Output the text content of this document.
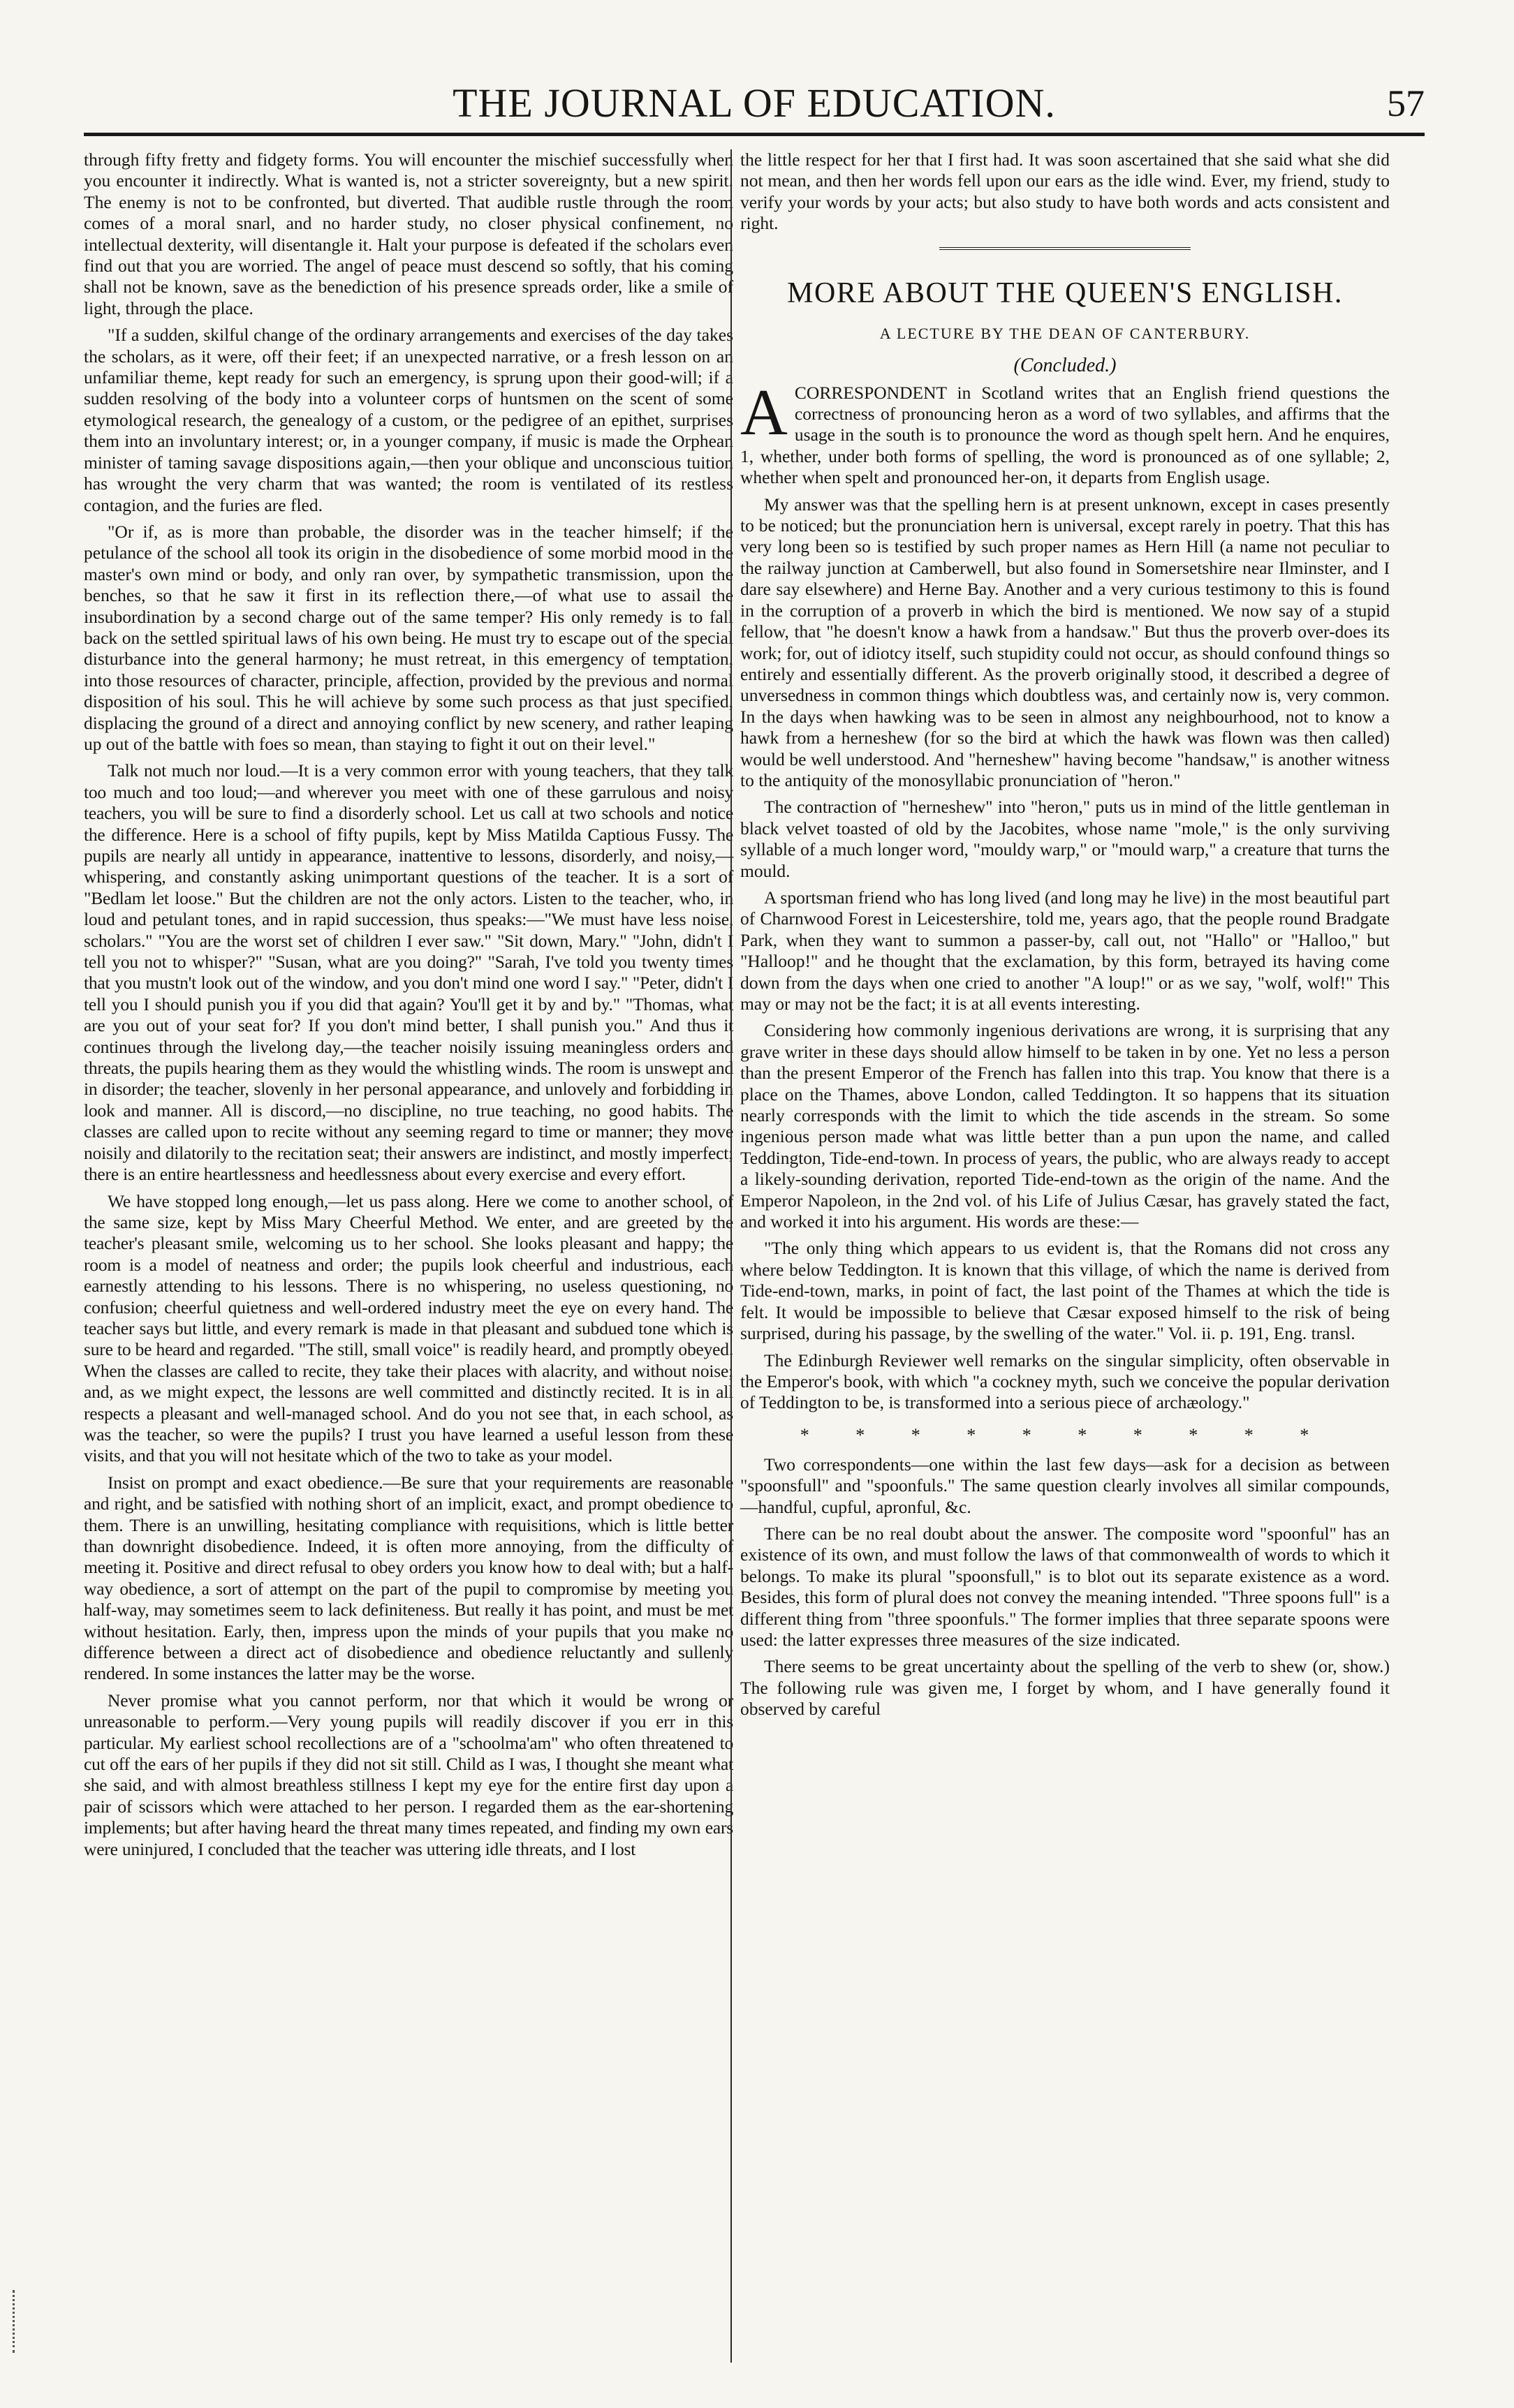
THE JOURNAL OF EDUCATION.	57

through fifty fretty and fidgety forms. You will encounter the mischief successfully when you encounter it indirectly. What is wanted is, not a stricter sovereignty, but a new spirit. The enemy is not to be confronted, but diverted. That audible rustle through the room comes of a moral snarl, and no harder study, no closer physical confinement, no intellectual dexterity, will disentangle it. Halt your purpose is defeated if the scholars even find out that you are worried. The angel of peace must descend so softly, that his coming shall not be known, save as the benediction of his presence spreads order, like a smile of light, through the place.

"If a sudden, skilful change of the ordinary arrangements and exercises of the day takes the scholars, as it were, off their feet; if an unexpected narrative, or a fresh lesson on an unfamiliar theme, kept ready for such an emergency, is sprung upon their good-will; if a sudden resolving of the body into a volunteer corps of huntsmen on the scent of some etymological research, the genealogy of a custom, or the pedigree of an epithet, surprises them into an involuntary interest; or, in a younger company, if music is made the Orphean minister of taming savage dispositions again,—then your oblique and unconscious tuition has wrought the very charm that was wanted; the room is ventilated of its restless contagion, and the furies are fled.

"Or if, as is more than probable, the disorder was in the teacher himself; if the petulance of the school all took its origin in the disobedience of some morbid mood in the master's own mind or body, and only ran over, by sympathetic transmission, upon the benches, so that he saw it first in its reflection there,—of what use to assail the insubordination by a second charge out of the same temper? His only remedy is to fall back on the settled spiritual laws of his own being. He must try to escape out of the special disturbance into the general harmony; he must retreat, in this emergency of temptation, into those resources of character, principle, affection, provided by the previous and normal disposition of his soul. This he will achieve by some such process as that just specified, displacing the ground of a direct and annoying conflict by new scenery, and rather leaping up out of the battle with foes so mean, than staying to fight it out on their level."

Talk not much nor loud.—It is a very common error with young teachers, that they talk too much and too loud;—and wherever you meet with one of these garrulous and noisy teachers, you will be sure to find a disorderly school. Let us call at two schools and notice the difference. Here is a school of fifty pupils, kept by Miss Matilda Captious Fussy. The pupils are nearly all untidy in appearance, inattentive to lessons, disorderly, and noisy,—whispering, and constantly asking unimportant questions of the teacher. It is a sort of "Bedlam let loose." But the children are not the only actors. Listen to the teacher, who, in loud and petulant tones, and in rapid succession, thus speaks:—"We must have less noise, scholars." "You are the worst set of children I ever saw." "Sit down, Mary." "John, didn't I tell you not to whisper?" "Susan, what are you doing?" "Sarah, I've told you twenty times that you mustn't look out of the window, and you don't mind one word I say." "Peter, didn't I tell you I should punish you if you did that again? You'll get it by and by." "Thomas, what are you out of your seat for? If you don't mind better, I shall punish you." And thus it continues through the livelong day,—the teacher noisily issuing meaningless orders and threats, the pupils hearing them as they would the whistling winds. The room is unswept and in disorder; the teacher, slovenly in her personal appearance, and unlovely and forbidding in look and manner. All is discord,—no discipline, no true teaching, no good habits. The classes are called upon to recite without any seeming regard to time or manner; they move noisily and dilatorily to the recitation seat; their answers are indistinct, and mostly imperfect; there is an entire heartlessness and heedlessness about every exercise and every effort.

We have stopped long enough,—let us pass along. Here we come to another school, of the same size, kept by Miss Mary Cheerful Method. We enter, and are greeted by the teacher's pleasant smile, welcoming us to her school. She looks pleasant and happy; the room is a model of neatness and order; the pupils look cheerful and industrious, each earnestly attending to his lessons. There is no whispering, no useless questioning, no confusion; cheerful quietness and well-ordered industry meet the eye on every hand. The teacher says but little, and every remark is made in that pleasant and subdued tone which is sure to be heard and regarded. "The still, small voice" is readily heard, and promptly obeyed. When the classes are called to recite, they take their places with alacrity, and without noise; and, as we might expect, the lessons are well committed and distinctly recited. It is in all respects a pleasant and well-managed school. And do you not see that, in each school, as was the teacher, so were the pupils? I trust you have learned a useful lesson from these visits, and that you will not hesitate which of the two to take as your model.

Insist on prompt and exact obedience.—Be sure that your requirements are reasonable and right, and be satisfied with nothing short of an implicit, exact, and prompt obedience to them. There is an unwilling, hesitating compliance with requisitions, which is little better than downright disobedience. Indeed, it is often more annoying, from the difficulty of meeting it. Positive and direct refusal to obey orders you know how to deal with; but a half-way obedience, a sort of attempt on the part of the pupil to compromise by meeting you half-way, may sometimes seem to lack definiteness. But really it has point, and must be met without hesitation. Early, then, impress upon the minds of your pupils that you make no difference between a direct act of disobedience and obedience reluctantly and sullenly rendered. In some instances the latter may be the worse.

Never promise what you cannot perform, nor that which it would be wrong or unreasonable to perform.—Very young pupils will readily discover if you err in this particular. My earliest school recollections are of a "schoolma'am" who often threatened to cut off the ears of her pupils if they did not sit still. Child as I was, I thought she meant what she said, and with almost breathless stillness I kept my eye for the entire first day upon a pair of scissors which were attached to her person. I regarded them as the ear-shortening implements; but after having heard the threat many times repeated, and finding my own ears were uninjured, I concluded that the teacher was uttering idle threats, and I lost

the little respect for her that I first had. It was soon ascertained that she said what she did not mean, and then her words fell upon our ears as the idle wind. Ever, my friend, study to verify your words by your acts; but also study to have both words and acts consistent and right.

MORE ABOUT THE QUEEN'S ENGLISH.
A LECTURE BY THE DEAN OF CANTERBURY.
(Concluded.)

ACORRESPONDENT in Scotland writes that an English friend questions the correctness of pronouncing heron as a word of two syllables, and affirms that the usage in the south is to pronounce the word as though spelt hern. And he enquires, 1, whether, under both forms of spelling, the word is pronounced as of one syllable; 2, whether when spelt and pronounced her-on, it departs from English usage.

My answer was that the spelling hern is at present unknown, except in cases presently to be noticed; but the pronunciation hern is universal, except rarely in poetry. That this has very long been so is testified by such proper names as Hern Hill (a name not peculiar to the railway junction at Camberwell, but also found in Somersetshire near Ilminster, and I dare say elsewhere) and Herne Bay. Another and a very curious testimony to this is found in the corruption of a proverb in which the bird is mentioned. We now say of a stupid fellow, that "he doesn't know a hawk from a handsaw." But thus the proverb over-does its work; for, out of idiotcy itself, such stupidity could not occur, as should confound things so entirely and essentially different. As the proverb originally stood, it described a degree of unversedness in common things which doubtless was, and certainly now is, very common. In the days when hawking was to be seen in almost any neighbourhood, not to know a hawk from a herneshew (for so the bird at which the hawk was flown was then called) would be well understood. And "herneshew" having become "handsaw," is another witness to the antiquity of the monosyllabic pronunciation of "heron."

The contraction of "herneshew" into "heron," puts us in mind of the little gentleman in black velvet toasted of old by the Jacobites, whose name "mole," is the only surviving syllable of a much longer word, "mouldy warp," or "mould warp," a creature that turns the mould.

A sportsman friend who has long lived (and long may he live) in the most beautiful part of Charnwood Forest in Leicestershire, told me, years ago, that the people round Bradgate Park, when they want to summon a passer-by, call out, not "Hallo" or "Halloo," but "Halloop!" and he thought that the exclamation, by this form, betrayed its having come down from the days when one cried to another "A loup!" or as we say, "wolf, wolf!" This may or may not be the fact; it is at all events interesting.

Considering how commonly ingenious derivations are wrong, it is surprising that any grave writer in these days should allow himself to be taken in by one. Yet no less a person than the present Emperor of the French has fallen into this trap. You know that there is a place on the Thames, above London, called Teddington. It so happens that its situation nearly corresponds with the limit to which the tide ascends in the stream. So some ingenious person made what was little better than a pun upon the name, and called Teddington, Tide-end-town. In process of years, the public, who are always ready to accept a likely-sounding derivation, reported Tide-end-town as the origin of the name. And the Emperor Napoleon, in the 2nd vol. of his Life of Julius Cæsar, has gravely stated the fact, and worked it into his argument. His words are these:—

"The only thing which appears to us evident is, that the Romans did not cross any where below Teddington. It is known that this village, of which the name is derived from Tide-end-town, marks, in point of fact, the last point of the Thames at which the tide is felt. It would be impossible to believe that Cæsar exposed himself to the risk of being surprised, during his passage, by the swelling of the water." Vol. ii. p. 191, Eng. transl.

The Edinburgh Reviewer well remarks on the singular simplicity, often observable in the Emperor's book, with which "a cockney myth, such we conceive the popular derivation of Teddington to be, is transformed into a serious piece of archæology."

* * * * * * * * * *

Two correspondents—one within the last few days—ask for a decision as between "spoonsfull" and "spoonfuls." The same question clearly involves all similar compounds,—handful, cupful, apronful, &c.

There can be no real doubt about the answer. The composite word "spoonful" has an existence of its own, and must follow the laws of that commonwealth of words to which it belongs. To make its plural "spoonsfull," is to blot out its separate existence as a word. Besides, this form of plural does not convey the meaning intended. "Three spoons full" is a different thing from "three spoonfuls." The former implies that three separate spoons were used: the latter expresses three measures of the size indicated.

There seems to be great uncertainty about the spelling of the verb to shew (or, show.) The following rule was given me, I forget by whom, and I have generally found it observed by careful
